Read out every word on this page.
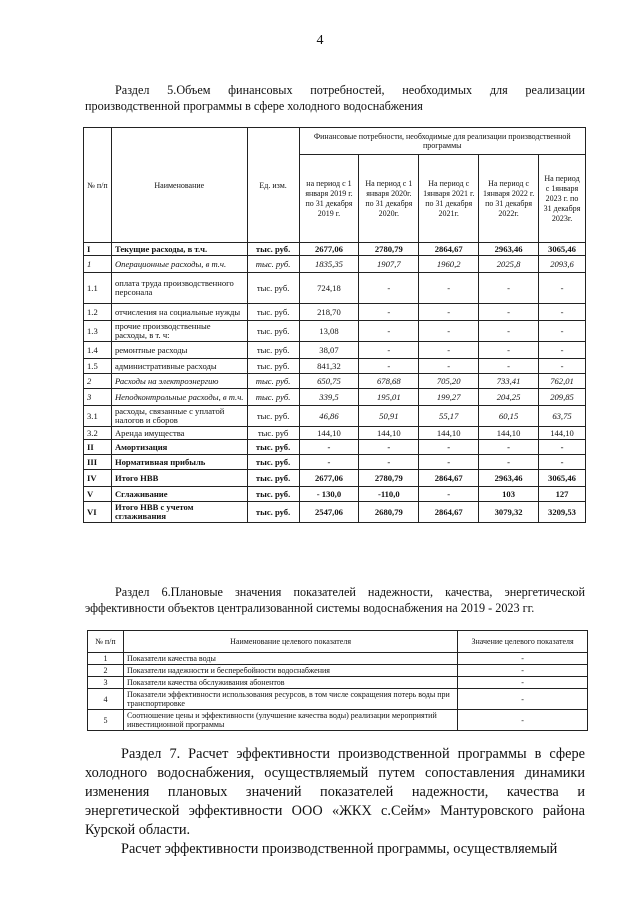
4
Раздел 5.Объем финансовых потребностей, необходимых для реализации производственной программы в сфере холодного водоснабжения
№ п/п	Наименование	Ед. изм.	Финансовые потребности, необходимые для реализации производственной программы				
			на период с 1 января 2019 г. по 31 декабря 2019 г.	На период с 1 января 2020г. по 31 декабря 2020г.	На период с 1января 2021 г. по 31 декабря 2021г.	На период с 1января 2022 г. по 31 декабря 2022г.	На период с 1января 2023 г. по 31 декабря 2023г.
I	Текущие расходы, в т.ч.	тыс. руб.	2677,06	2780,79	2864,67	2963,46	3065,46
1	Операционные расходы, в т.ч.	тыс. руб.	1835,35	1907,7	1960,2	2025,8	2093,6
1.1	оплата труда производственного персонала	тыс. руб.	724,18	-	-	-	-
1.2	отчисления на социальные нужды	тыс. руб.	218,70	-	-	-	-
1.3	прочие производственные расходы, в т. ч:	тыс. руб.	13,08	-	-	-	-
1.4	ремонтные расходы	тыс. руб.	38,07	-	-	-	-
1.5	административные расходы	тыс. руб.	841,32	-	-	-	-
2	Расходы на электроэнергию	тыс. руб.	650,75	678,68	705,20	733,41	762,01
3	Неподконтрольные расходы, в т.ч.	тыс. руб.	339,5	195,01	199,27	204,25	209,85
3.1	расходы, связанные с уплатой налогов и сборов	тыс. руб.	46,86	50,91	55,17	60,15	63,75
3.2	Аренда имущества	тыс. руб	144,10	144,10	144,10	144,10	144,10
II	Амортизация	тыс. руб.	-	-	-	-	-
III	Нормативная прибыль	тыс. руб.	-	-	-	-	-
IV	Итого НВВ	тыс. руб.	2677,06	2780,79	2864,67	2963,46	3065,46
V	Сглаживание	тыс. руб.	- 130,0	-110,0	-	103	127
VI	Итого НВВ с учетом сглаживания	тыс. руб.	2547,06	2680,79	2864,67	3079,32	3209,53
Раздел 6.Плановые значения показателей надежности, качества, энергетической эффективности объектов централизованной системы водоснабжения на 2019 - 2023 гг.
№ п/п	Наименование целевого показателя	Значение целевого показателя
1	Показатели качества воды	-
2	Показатели надежности и бесперебойности водоснабжения	-
3	Показатели качества обслуживания абонентов	-
4	Показатели эффективности использования ресурсов, в том числе сокращения потерь воды при транспортировке	-
5	Соотношение цены и эффективности (улучшение качества воды) реализации мероприятий инвестиционной программы	-
Раздел 7. Расчет эффективности производственной программы в сфере холодного водоснабжения, осуществляемый путем сопоставления динамики изменения плановых значений показателей надежности, качества и энергетической эффективности ООО «ЖКХ с.Сейм» Мантуровского района Курской области.
Расчет эффективности производственной программы, осуществляемый
